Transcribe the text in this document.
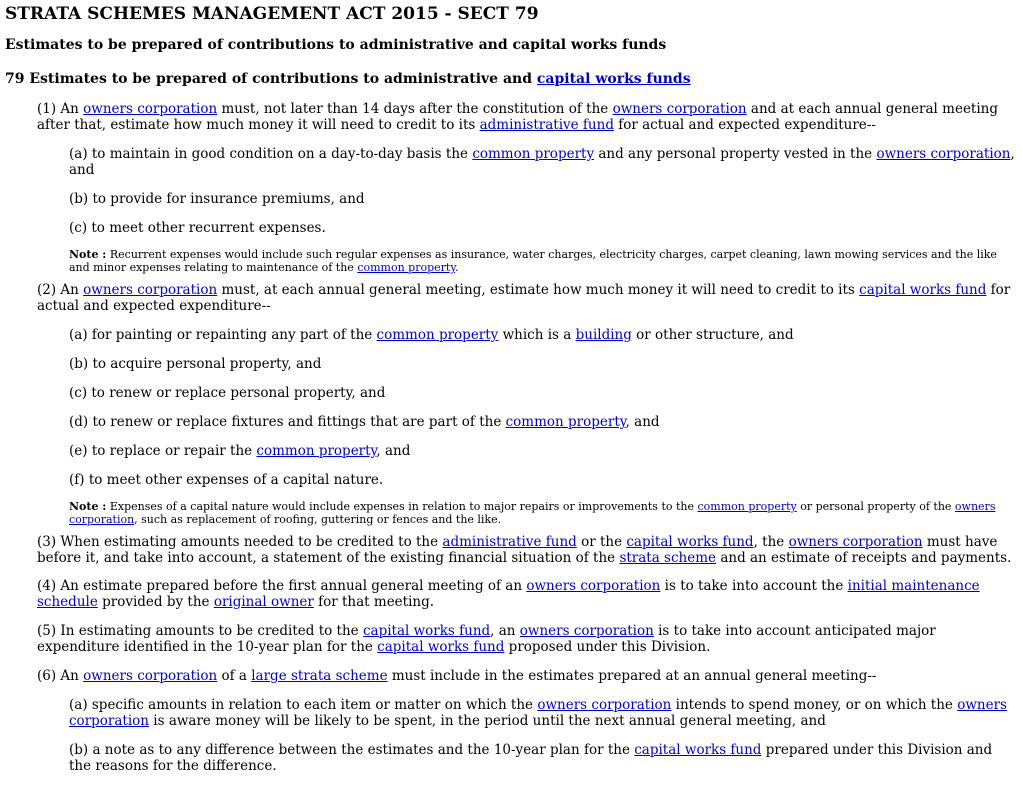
STRATA SCHEMES MANAGEMENT ACT 2015 - SECT 79
Estimates to be prepared of contributions to administrative and capital works funds
79 Estimates to be prepared of contributions to administrative and capital works funds

(1) An owners corporation must, not later than 14 days after the constitution of the owners corporation and at each annual general meeting after that, estimate how much money it will need to credit to its administrative fund for actual and expected expenditure--

(a) to maintain in good condition on a day-to-day basis the common property and any personal property vested in the owners corporation, and

(b) to provide for insurance premiums, and

(c) to meet other recurrent expenses.

Note : Recurrent expenses would include such regular expenses as insurance, water charges, electricity charges, carpet cleaning, lawn mowing services and the like and minor expenses relating to maintenance of the common property.

(2) An owners corporation must, at each annual general meeting, estimate how much money it will need to credit to its capital works fund for actual and expected expenditure--

(a) for painting or repainting any part of the common property which is a building or other structure, and

(b) to acquire personal property, and

(c) to renew or replace personal property, and

(d) to renew or replace fixtures and fittings that are part of the common property, and

(e) to replace or repair the common property, and

(f) to meet other expenses of a capital nature.

Note : Expenses of a capital nature would include expenses in relation to major repairs or improvements to the common property or personal property of the owners corporation, such as replacement of roofing, guttering or fences and the like.

(3) When estimating amounts needed to be credited to the administrative fund or the capital works fund, the owners corporation must have before it, and take into account, a statement of the existing financial situation of the strata scheme and an estimate of receipts and payments.

(4) An estimate prepared before the first annual general meeting of an owners corporation is to take into account the initial maintenance schedule provided by the original owner for that meeting.

(5) In estimating amounts to be credited to the capital works fund, an owners corporation is to take into account anticipated major expenditure identified in the 10-year plan for the capital works fund proposed under this Division.

(6) An owners corporation of a large strata scheme must include in the estimates prepared at an annual general meeting--

(a) specific amounts in relation to each item or matter on which the owners corporation intends to spend money, or on which the owners corporation is aware money will be likely to be spent, in the period until the next annual general meeting, and

(b) a note as to any difference between the estimates and the 10-year plan for the capital works fund prepared under this Division and the reasons for the difference.
